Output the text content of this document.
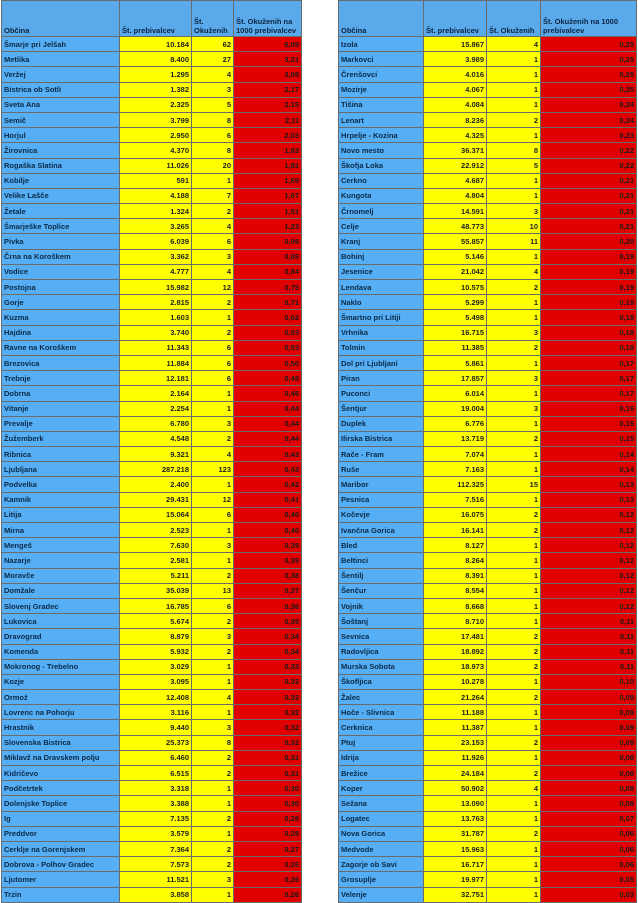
Občina	Št. prebivalcev	Št. Okuženih	Št. Okuženih na 1000 prebivalcev
Šmarje pri Jelšah	10.184	62	6,09
Metlika	8.400	27	3,21
Veržej	1.295	4	3,09
Bistrica ob Sotli	1.382	3	2,17
Sveta Ana	2.325	5	2,15
Semič	3.799	8	2,11
Horjul	2.950	6	2,03
Žirovnica	4.370	8	1,83
Rogaška Slatina	11.026	20	1,81
Kobilje	591	1	1,69
Velike Lašče	4.188	7	1,67
Žetale	1.324	2	1,51
Šmarješke Toplice	3.265	4	1,23
Pivka	6.039	6	0,99
Črna na Koroškem	3.362	3	0,89
Vodice	4.777	4	0,84
Postojna	15.982	12	0,75
Gorje	2.815	2	0,71
Kuzma	1.603	1	0,62
Hajdina	3.740	2	0,53
Ravne na Koroškem	11.343	6	0,53
Brezovica	11.884	6	0,50
Trebnje	12.181	6	0,49
Dobrna	2.164	1	0,46
Vitanje	2.254	1	0,44
Prevalje	6.780	3	0,44
Žužemberk	4.548	2	0,44
Ribnica	9.321	4	0,43
Ljubljana	287.218	123	0,43
Podvelka	2.400	1	0,42
Kamnik	29.431	12	0,41
Litija	15.064	6	0,40
Mirna	2.523	1	0,40
Mengeš	7.630	3	0,39
Nazarje	2.581	1	0,39
Moravče	5.211	2	0,38
Domžale	35.039	13	0,37
Slovenj Gradec	16.785	6	0,36
Lukovica	5.674	2	0,35
Dravograd	8.879	3	0,34
Komenda	5.932	2	0,34
Mokronog - Trebelno	3.029	1	0,33
Kozje	3.095	1	0,32
Ormož	12.408	4	0,32
Lovrenc na Pohorju	3.116	1	0,32
Hrastnik	9.440	3	0,32
Slovenska Bistrica	25.373	8	0,32
Miklavž na Dravskem polju	6.460	2	0,31
Kidričevo	6.515	2	0,31
Podčetrtek	3.318	1	0,30
Dolenjske Toplice	3.388	1	0,30
Ig	7.135	2	0,28
Preddvor	3.579	1	0,28
Cerklje na Gorenjskem	7.364	2	0,27
Dobrova - Polhov Gradec	7.573	2	0,26
Ljutomer	11.521	3	0,26
Trzin	3.858	1	0,26
Občina	Št. prebivalcev	Št. Okuženih	Št. Okuženih na 1000 prebivalcev
Izola	15.867	4	0,25
Markovci	3.989	1	0,25
Črenšovci	4.016	1	0,25
Mozirje	4.067	1	0,25
Tišina	4.084	1	0,24
Lenart	8.236	2	0,24
Hrpelje - Kozina	4.325	1	0,23
Novo mesto	36.371	8	0,22
Škofja Loka	22.912	5	0,22
Cerkno	4.687	1	0,21
Kungota	4.804	1	0,21
Črnomelj	14.591	3	0,21
Celje	48.773	10	0,21
Kranj	55.857	11	0,20
Bohinj	5.146	1	0,19
Jesenice	21.042	4	0,19
Lendava	10.575	2	0,19
Naklo	5.299	1	0,19
Šmartno pri Litiji	5.498	1	0,18
Vrhnika	16.715	3	0,18
Tolmin	11.385	2	0,18
Dol pri Ljubljani	5.861	1	0,17
Piran	17.857	3	0,17
Puconci	6.014	1	0,17
Šentjur	19.004	3	0,16
Duplek	6.776	1	0,15
Ilirska Bistrica	13.719	2	0,15
Rače - Fram	7.074	1	0,14
Ruše	7.163	1	0,14
Maribor	112.325	15	0,13
Pesnica	7.516	1	0,13
Kočevje	16.075	2	0,12
Ivančna Gorica	16.141	2	0,12
Bled	8.127	1	0,12
Beltinci	8.264	1	0,12
Šentilj	8.391	1	0,12
Šenčur	8.554	1	0,12
Vojnik	8.668	1	0,12
Šoštanj	8.710	1	0,11
Sevnica	17.481	2	0,11
Radovljica	18.892	2	0,11
Murska Sobota	18.973	2	0,11
Škofljica	10.278	1	0,10
Žalec	21.264	2	0,09
Hoče - Slivnica	11.188	1	0,09
Cerknica	11.387	1	0,09
Ptuj	23.153	2	0,09
Idrija	11.926	1	0,08
Brežice	24.184	2	0,08
Koper	50.902	4	0,08
Sežana	13.090	1	0,08
Logatec	13.763	1	0,07
Nova Gorica	31.787	2	0,06
Medvode	15.963	1	0,06
Zagorje ob Savi	16.717	1	0,06
Grosuplje	19.977	1	0,05
Velenje	32.751	1	0,03
